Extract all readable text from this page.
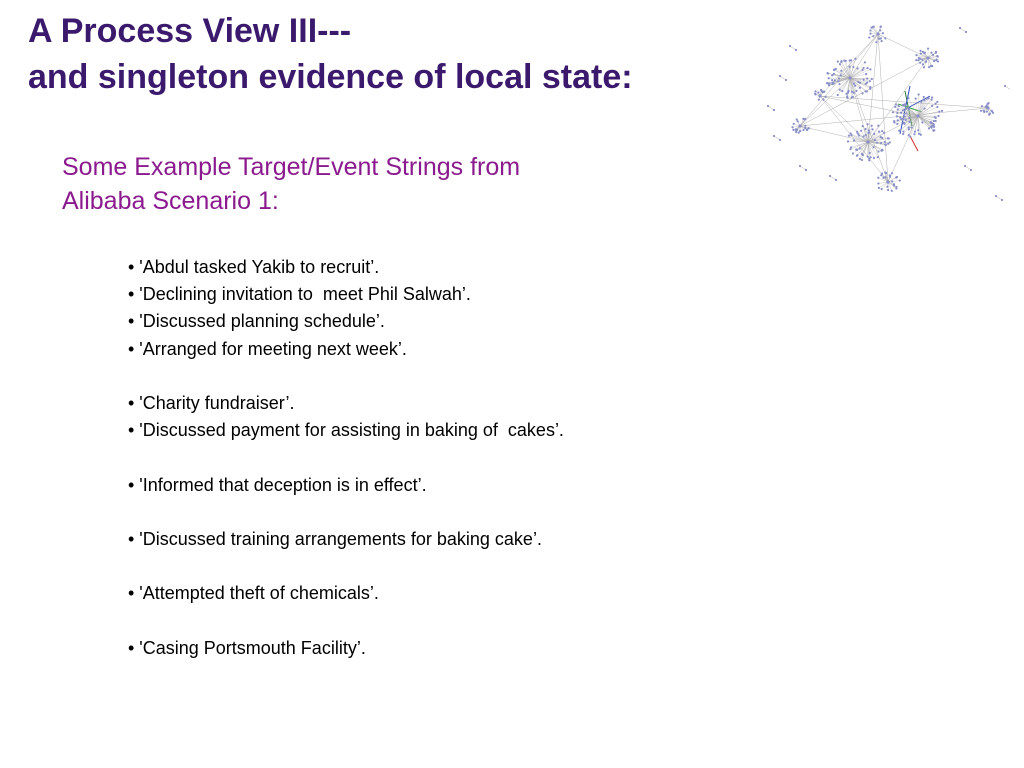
A Process View III---
and singleton evidence of local state:
Some Example Target/Event Strings from
Alibaba Scenario 1:
• 'Abdul tasked Yakib to recruit’.
• 'Declining invitation to  meet Phil Salwah’.
• 'Discussed planning schedule’.
• 'Arranged for meeting next week’.
• 'Charity fundraiser’.
• 'Discussed payment for assisting in baking of  cakes’.
• 'Informed that deception is in effect’.
• 'Discussed training arrangements for baking cake’.
• 'Attempted theft of chemicals’.
• 'Casing Portsmouth Facility’.
